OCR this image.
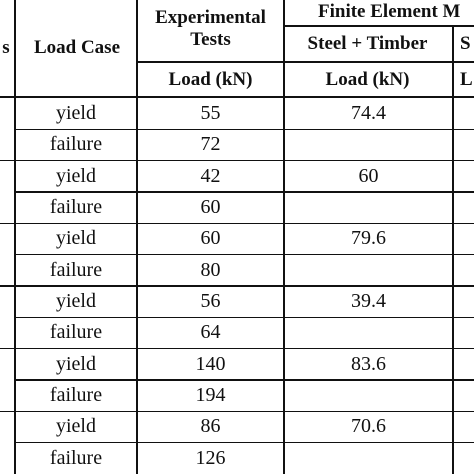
s	Load Case
Experimental
Tests
Finite Element M
Steel + Timber	S
Load (kN)	Load (kN)	L
yield	55	74.4
failure	72
yield	42	60
failure	60
yield	60	79.6
failure	80
yield	56	39.4
failure	64
yield	140	83.6
failure	194
yield	86	70.6
failure	126
